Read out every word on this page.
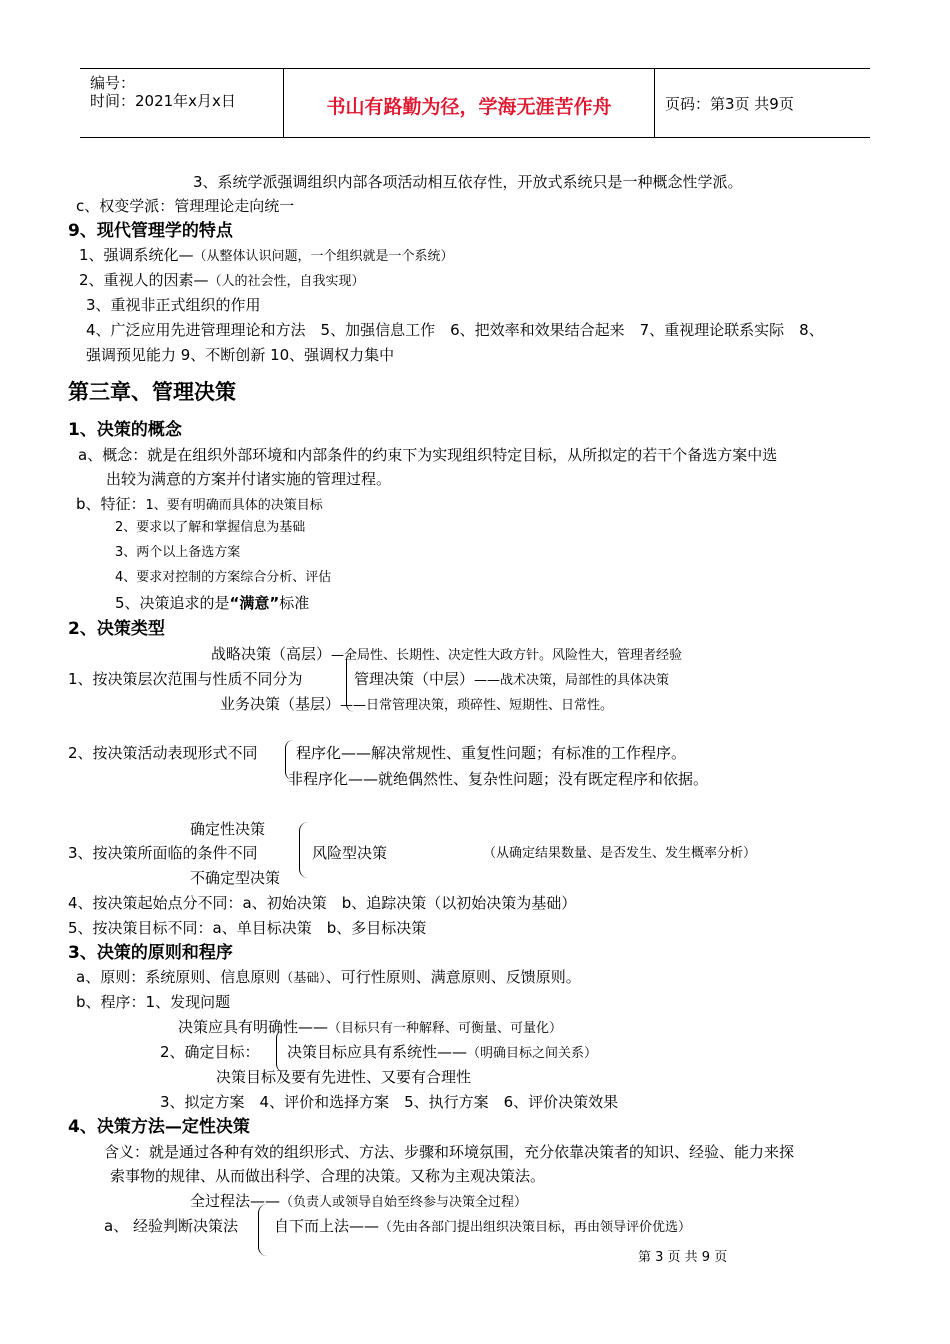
编号：
时间：2021年x月x日	书山有路勤为径，学海无涯苦作舟	页码：第3页 共9页
3、系统学派强调组织内部各项活动相互依存性，开放式系统只是一种概念性学派。
c、权变学派：管理理论走向统一
9、现代管理学的特点
1、强调系统化—（从整体认识问题，一个组织就是一个系统）
2、重视人的因素—（人的社会性，自我实现）
3、重视非正式组织的作用
4、广泛应用先进管理理论和方法　5、加强信息工作　6、把效率和效果结合起来　7、重视理论联系实际　8、
强调预见能力 9、不断创新 10、强调权力集中
第三章、管理决策
1、决策的概念
a、概念：就是在组织外部环境和内部条件的约束下为实现组织特定目标，从所拟定的若干个备选方案中选
出较为满意的方案并付诸实施的管理过程。
b、特征：1、要有明确而具体的决策目标
2、要求以了解和掌握信息为基础
3、两个以上备选方案
4、要求对控制的方案综合分析、评估
5、决策追求的是“满意”标准
2、决策类型
战略决策（高层）—全局性、长期性、决定性大政方针。风险性大，管理者经验
1、按决策层次范围与性质不同分为	管理决策（中层）——战术决策，局部性的具体决策
业务决策（基层）——日常管理决策，琐碎性、短期性、日常性。
2、按决策活动表现形式不同	程序化——解决常规性、重复性问题；有标准的工作程序。
非程序化——就绝偶然性、复杂性问题；没有既定程序和依据。
确定性决策
3、按决策所面临的条件不同	风险型决策	（从确定结果数量、是否发生、发生概率分析）
不确定型决策
4、按决策起始点分不同：a、初始决策　b、追踪决策（以初始决策为基础）
5、按决策目标不同：a、单目标决策　b、多目标决策
3、决策的原则和程序
a、原则：系统原则、信息原则（基础）、可行性原则、满意原则、反馈原则。
b、程序：1、发现问题
决策应具有明确性——（目标只有一种解释、可衡量、可量化）
2、确定目标： 决策目标应具有系统性——（明确目标之间关系）
决策目标及要有先进性、又要有合理性
3、拟定方案　4、评价和选择方案　5、执行方案　6、评价决策效果
4、决策方法—定性决策
含义：就是通过各种有效的组织形式、方法、步骤和环境氛围，充分依靠决策者的知识、经验、能力来探
索事物的规律、从而做出科学、合理的决策。又称为主观决策法。
全过程法——（负责人或领导自始至终参与决策全过程）
a、 经验判断决策法 自下而上法——（先由各部门提出组织决策目标，再由领导评价优选）
第 3 页 共 9 页
